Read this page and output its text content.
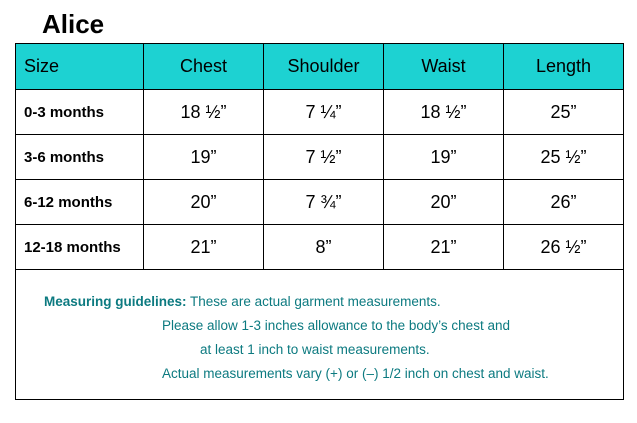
Alice
Size	Chest	Shoulder	Waist	Length
0-3 months	18 ½”	7 ¼”	18 ½”	25”
3-6 months	19”	7 ½”	19”	25 ½”
6-12 months	20”	7 ¾”	20”	26”
12-18 months	21”	8”	21”	26 ½”

Measuring guidelines: These are actual garment measurements.
Please allow 1-3 inches allowance to the body’s chest and
at least 1 inch to waist measurements.
Actual measurements vary (+) or (–) 1/2 inch on chest and waist.				
